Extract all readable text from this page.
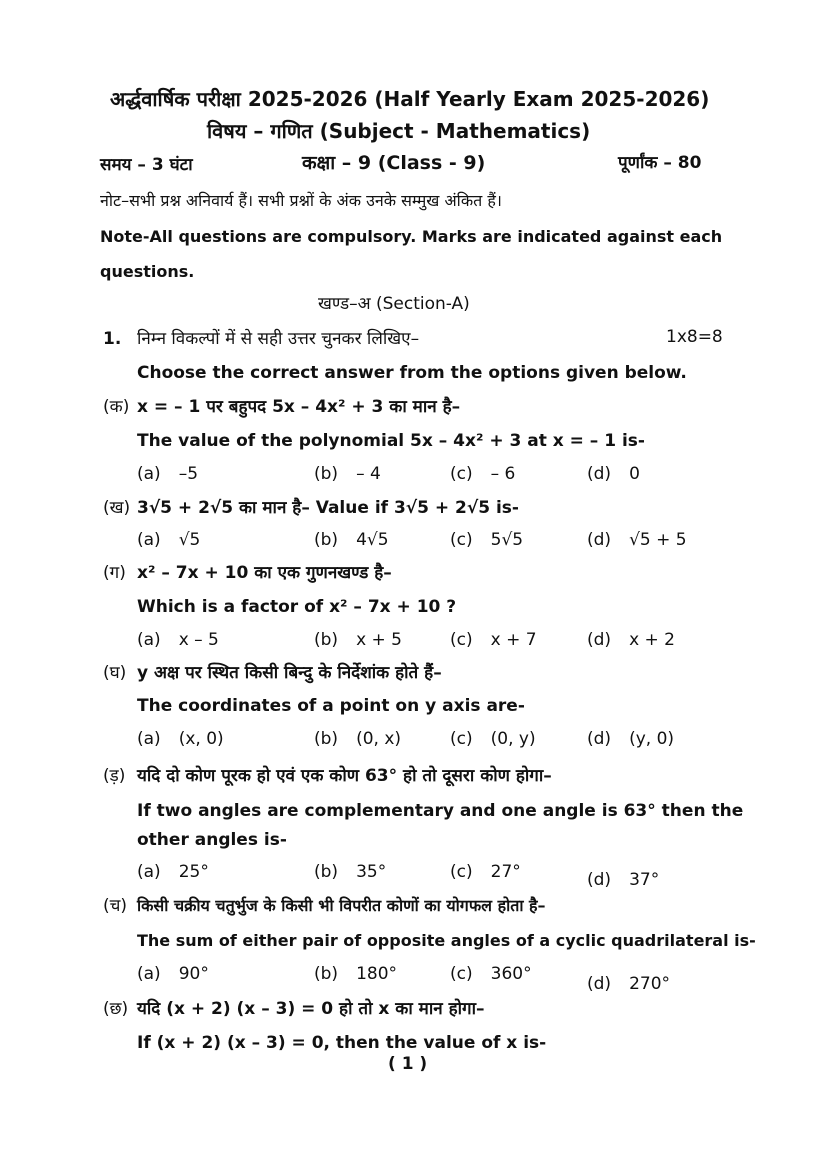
अर्द्धवार्षिक परीक्षा 2025-2026 (Half Yearly Exam 2025-2026)
विषय – गणित (Subject - Mathematics)
समय – 3 घंटा	कक्षा – 9 (Class - 9)	पूर्णांक – 80
नोट–सभी प्रश्न अनिवार्य हैं। सभी प्रश्नों के अंक उनके सम्मुख अंकित हैं।
Note-All questions are compulsory. Marks are indicated against each
questions.
खण्ड–अ (Section-A)
1. निम्न विकल्पों में से सही उत्तर चुनकर लिखिए–	1x8=8
Choose the correct answer from the options given below.
(क) x = – 1 पर बहुपद 5x – 4x² + 3 का मान है–
The value of the polynomial 5x – 4x² + 3 at x = – 1 is-
(a) –5	(b) – 4	(c) – 6	(d) 0
(ख) 3√5 + 2√5 का मान है– Value if 3√5 + 2√5 is-
(a) √5	(b) 4√5	(c) 5√5	(d) √5 + 5
(ग) x² – 7x + 10 का एक गुणनखण्ड है–
Which is a factor of x² – 7x + 10 ?
(a) x – 5	(b) x + 5	(c) x + 7	(d) x + 2
(घ) y अक्ष पर स्थित किसी बिन्दु के निर्देशांक होते हैं–
The coordinates of a point on y axis are-
(a) (x, 0)	(b) (0, x)	(c) (0, y)	(d) (y, 0)
(ड़) यदि दो कोण पूरक हो एवं एक कोण 63° हो तो दूसरा कोण होगा–
If two angles are complementary and one angle is 63° then the
other angles is-
(a) 25°	(b) 35°	(c) 27°	(d) 37°
(च) किसी चक्रीय चतुर्भुज के किसी भी विपरीत कोणों का योगफल होता है–
The sum of either pair of opposite angles of a cyclic quadrilateral is-
(a) 90°	(b) 180°	(c) 360°	(d) 270°
(छ) यदि (x + 2) (x – 3) = 0 हो तो x का मान होगा–
If (x + 2) (x – 3) = 0, then the value of x is-
( 1 )
